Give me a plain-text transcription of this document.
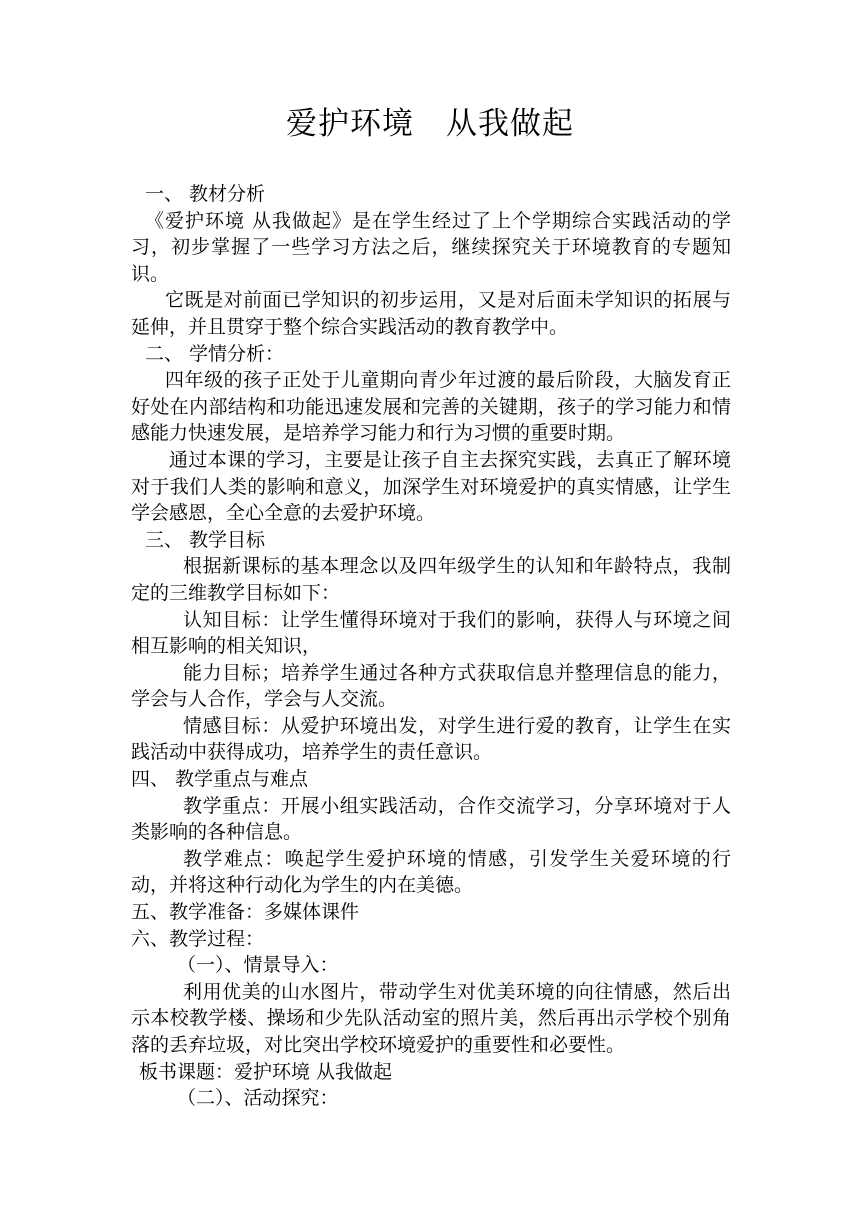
爱护环境　从我做起

一、 教材分析

《爱护环境 从我做起》是在学生经过了上个学期综合实践活动的学习，初步掌握了一些学习方法之后，继续探究关于环境教育的专题知识。

它既是对前面已学知识的初步运用，又是对后面未学知识的拓展与延伸，并且贯穿于整个综合实践活动的教育教学中。

二、 学情分析：

四年级的孩子正处于儿童期向青少年过渡的最后阶段，大脑发育正好处在内部结构和功能迅速发展和完善的关键期，孩子的学习能力和情感能力快速发展，是培养学习能力和行为习惯的重要时期。

通过本课的学习，主要是让孩子自主去探究实践，去真正了解环境对于我们人类的影响和意义，加深学生对环境爱护的真实情感，让学生学会感恩，全心全意的去爱护环境。

三、 教学目标

根据新课标的基本理念以及四年级学生的认知和年龄特点，我制定的三维教学目标如下：

认知目标：让学生懂得环境对于我们的影响，获得人与环境之间相互影响的相关知识，

能力目标；培养学生通过各种方式获取信息并整理信息的能力，学会与人合作，学会与人交流。

情感目标：从爱护环境出发，对学生进行爱的教育，让学生在实践活动中获得成功，培养学生的责任意识。

四、 教学重点与难点

教学重点：开展小组实践活动，合作交流学习，分享环境对于人类影响的各种信息。

教学难点：唤起学生爱护环境的情感，引发学生关爱环境的行动，并将这种行动化为学生的内在美德。

五、教学准备：多媒体课件

六、教学过程：

（一）、情景导入：

利用优美的山水图片，带动学生对优美环境的向往情感，然后出示本校教学楼、操场和少先队活动室的照片美，然后再出示学校个别角落的丢弃垃圾，对比突出学校环境爱护的重要性和必要性。

板书课题：爱护环境 从我做起

（二）、活动探究：
